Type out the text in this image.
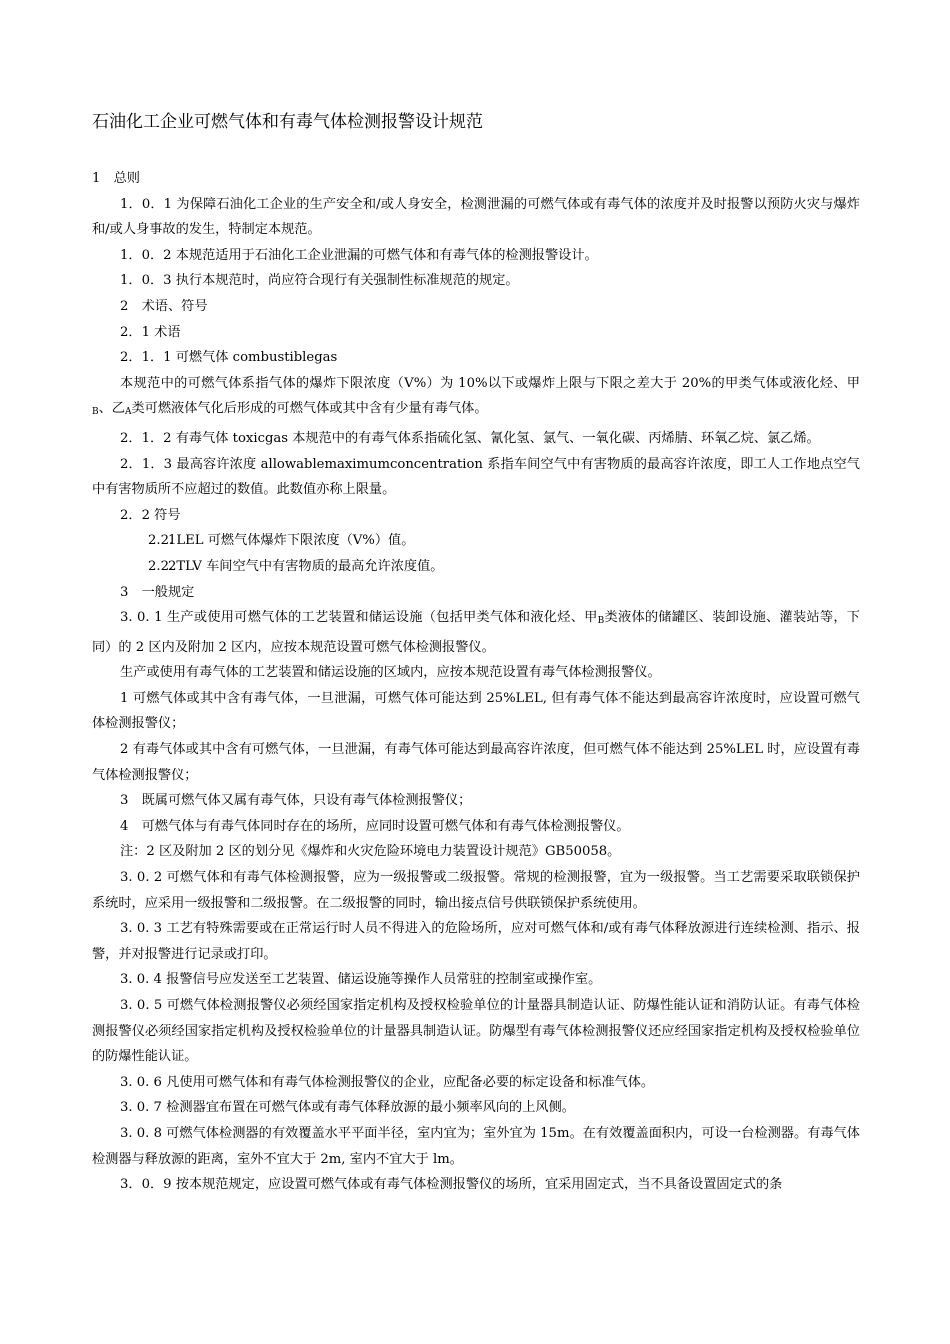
石油化工企业可燃气体和有毒气体检测报警设计规范

1　总则

1．0．1 为保障石油化工企业的生产安全和/或人身安全，检测泄漏的可燃气体或有毒气体的浓度并及时报警以预防火灾与爆炸和/或人身事故的发生，特制定本规范。

1．0．2 本规范适用于石油化工企业泄漏的可燃气体和有毒气体的检测报警设计。

1．0．3 执行本规范时，尚应符合现行有关强制性标准规范的规定。

2　术语、符号

2．1 术语

2．1．1 可燃气体 combustiblegas

本规范中的可燃气体系指气体的爆炸下限浓度（V%）为 10%以下或爆炸上限与下限之差大于 20%的甲类气体或液化烃、甲$_B$、乙$_A$类可燃液体气化后形成的可燃气体或其中含有少量有毒气体。

2．1．2 有毒气体 toxicgas 本规范中的有毒气体系指硫化氢、氰化氢、氯气、一氧化碳、丙烯腈、环氧乙烷、氯乙烯。

2．1．3 最高容许浓度 allowablemaximumconcentration 系指车间空气中有害物质的最高容许浓度，即工人工作地点空气中有害物质所不应超过的数值。此数值亦称上限量。

2．2 符号

2.2.1LEL 可燃气体爆炸下限浓度（V%）值。

2.2.2TLV 车间空气中有害物质的最高允许浓度值。

3　一般规定

3. 0. 1 生产或使用可燃气体的工艺装置和储运设施（包括甲类气体和液化烃、甲$_B$类液体的储罐区、装卸设施、灌装站等，下同）的 2 区内及附加 2 区内，应按本规范设置可燃气体检测报警仪。

生产或使用有毒气体的工艺装置和储运设施的区域内，应按本规范设置有毒气体检测报警仪。

1 可燃气体或其中含有毒气体，一旦泄漏，可燃气体可能达到 25%LEL, 但有毒气体不能达到最高容许浓度时，应设置可燃气体检测报警仪；

2 有毒气体或其中含有可燃气体，一旦泄漏，有毒气体可能达到最高容许浓度，但可燃气体不能达到 25%LEL 时，应设置有毒气体检测报警仪；

3　既属可燃气体又属有毒气体，只设有毒气体检测报警仪；

4　可燃气体与有毒气体同时存在的场所，应同时设置可燃气体和有毒气体检测报警仪。

注：2 区及附加 2 区的划分见《爆炸和火灾危险环境电力装置设计规范》GB50058。

3. 0. 2 可燃气体和有毒气体检测报警，应为一级报警或二级报警。常规的检测报警，宜为一级报警。当工艺需要采取联锁保护系统时，应采用一级报警和二级报警。在二级报警的同时，输出接点信号供联锁保护系统使用。

3. 0. 3 工艺有特殊需要或在正常运行时人员不得进入的危险场所，应对可燃气体和/或有毒气体释放源进行连续检测、指示、报警，并对报警进行记录或打印。

3. 0. 4 报警信号应发送至工艺装置、储运设施等操作人员常驻的控制室或操作室。

3. 0. 5 可燃气体检测报警仪必须经国家指定机构及授权检验单位的计量器具制造认证、防爆性能认证和消防认证。有毒气体检测报警仪必须经国家指定机构及授权检验单位的计量器具制造认证。防爆型有毒气体检测报警仪还应经国家指定机构及授权检验单位的防爆性能认证。

3. 0. 6 凡使用可燃气体和有毒气体检测报警仪的企业，应配备必要的标定设备和标准气体。

3. 0. 7 检测器宜布置在可燃气体或有毒气体释放源的最小频率风向的上风侧。

3. 0. 8 可燃气体检测器的有效覆盖水平平面半径，室内宜为；室外宜为 15m。在有效覆盖面积内，可设一台检测器。有毒气体检测器与释放源的距离，室外不宜大于 2m, 室内不宜大于 lm。

3．0．9 按本规范规定，应设置可燃气体或有毒气体检测报警仪的场所，宜采用固定式，当不具备设置固定式的条
